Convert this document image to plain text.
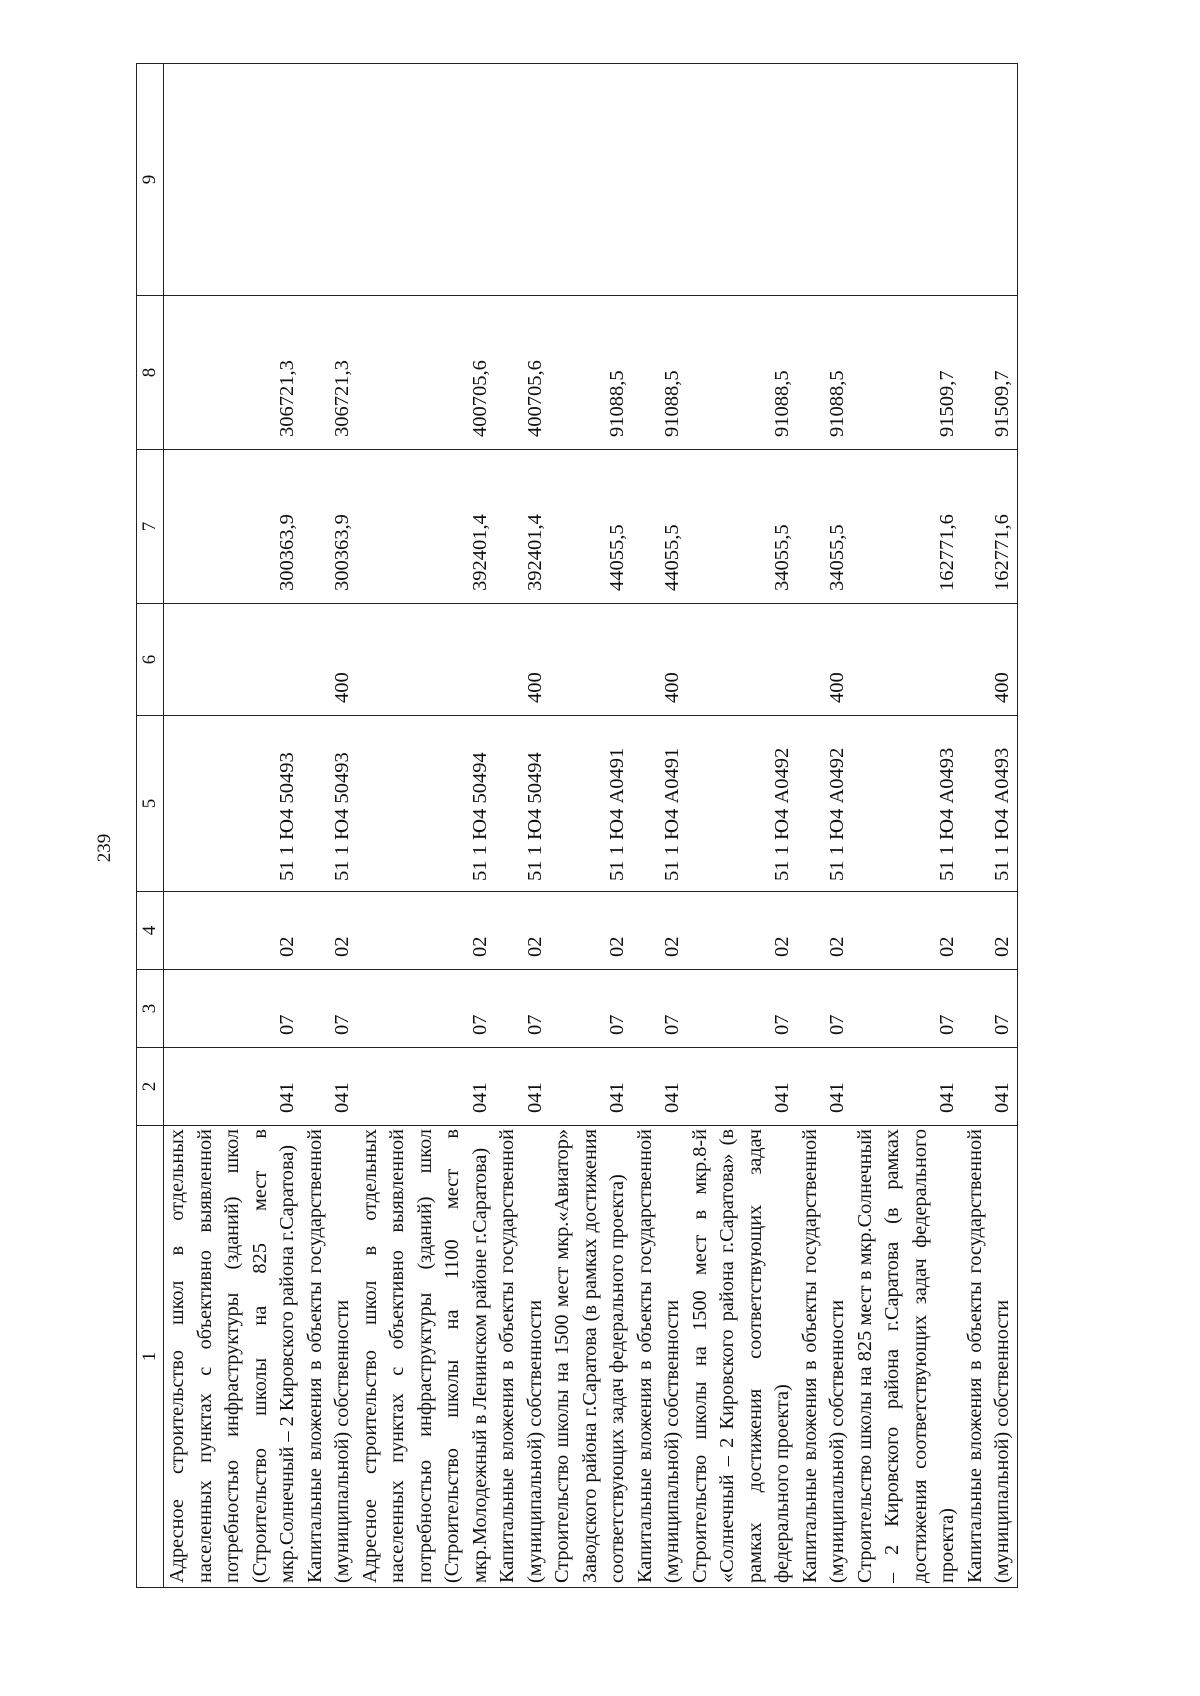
239
1	2	3	4	5	6	7	8	9
Адресное строительство школ в отдельных населенных пунктах с объективно выявленной потребностью инфраструктуры (зданий) школ (Строительство школы на 825 мест в мкр.Солнечный – 2 Кировского района г.Саратова)	041	07	02	51 1 Ю4 50493		300363,9	306721,3	
Капитальные вложения в объекты государственной (муниципальной) собственности	041	07	02	51 1 Ю4 50493	400	300363,9	306721,3	
Адресное строительство школ в отдельных населенных пунктах с объективно выявленной потребностью инфраструктуры (зданий) школ (Строительство школы на 1100 мест в мкр.Молодежный в Ленинском районе г.Саратова)	041	07	02	51 1 Ю4 50494		392401,4	400705,6	
Капитальные вложения в объекты государственной (муниципальной) собственности	041	07	02	51 1 Ю4 50494	400	392401,4	400705,6	
Строительство школы на 1500 мест мкр.«Авиатор» Заводского района г.Саратова (в рамках достижения соответствующих задач федерального проекта)	041	07	02	51 1 Ю4 А0491		44055,5	91088,5	
Капитальные вложения в объекты государственной (муниципальной) собственности	041	07	02	51 1 Ю4 А0491	400	44055,5	91088,5	
Строительство школы на 1500 мест в мкр.8-й «Солнечный – 2 Кировского района г.Саратова» (в рамках достижения соответствующих задач федерального проекта)	041	07	02	51 1 Ю4 А0492		34055,5	91088,5	
Капитальные вложения в объекты государственной (муниципальной) собственности	041	07	02	51 1 Ю4 А0492	400	34055,5	91088,5	
Строительство школы на 825 мест в мкр.Солнечный – 2 Кировского района г.Саратова (в рамках достижения соответствующих задач федерального проекта)	041	07	02	51 1 Ю4 А0493		162771,6	91509,7	
Капитальные вложения в объекты государственной (муниципальной) собственности	041	07	02	51 1 Ю4 А0493	400	162771,6	91509,7	
